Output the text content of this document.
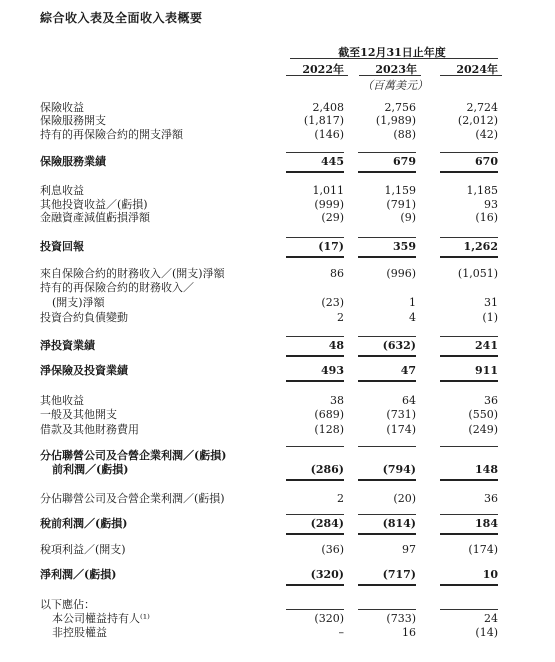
綜合收入表及全面收入表概要
截至12月31日止年度
2022年	2023年	2024年
（百萬美元）
保險收益	2,408	2,756	2,724
保險服務開支	(1,817)	(1,989)	(2,012)
持有的再保險合約的開支淨額	(146)	(88)	(42)
保險服務業績	445	679	670
利息收益	1,011	1,159	1,185
其他投資收益／(虧損)	(999)	(791)	93
金融資產減值虧損淨額	(29)	(9)	(16)
投資回報	(17)	359	1,262
來自保險合約的財務收入／(開支)淨額	86	(996)	(1,051)
持有的再保險合約的財務收入／
(開支)淨額	(23)	1	31
投資合約負債變動	2	4	(1)
淨投資業績	48	(632)	241
淨保險及投資業績	493	47	911
其他收益	38	64	36
一般及其他開支	(689)	(731)	(550)
借款及其他財務費用	(128)	(174)	(249)
分佔聯營公司及合營企業利潤／(虧損)
前利潤／(虧損)	(286)	(794)	148
分佔聯營公司及合營企業利潤／(虧損)	2	(20)	36
稅前利潤／(虧損)	(284)	(814)	184
稅項利益／(開支)	(36)	97	(174)
淨利潤／(虧損)	(320)	(717)	10
以下應佔：
本公司權益持有人⁽¹⁾	(320)	(733)	24
非控股權益	–	16	(14)
